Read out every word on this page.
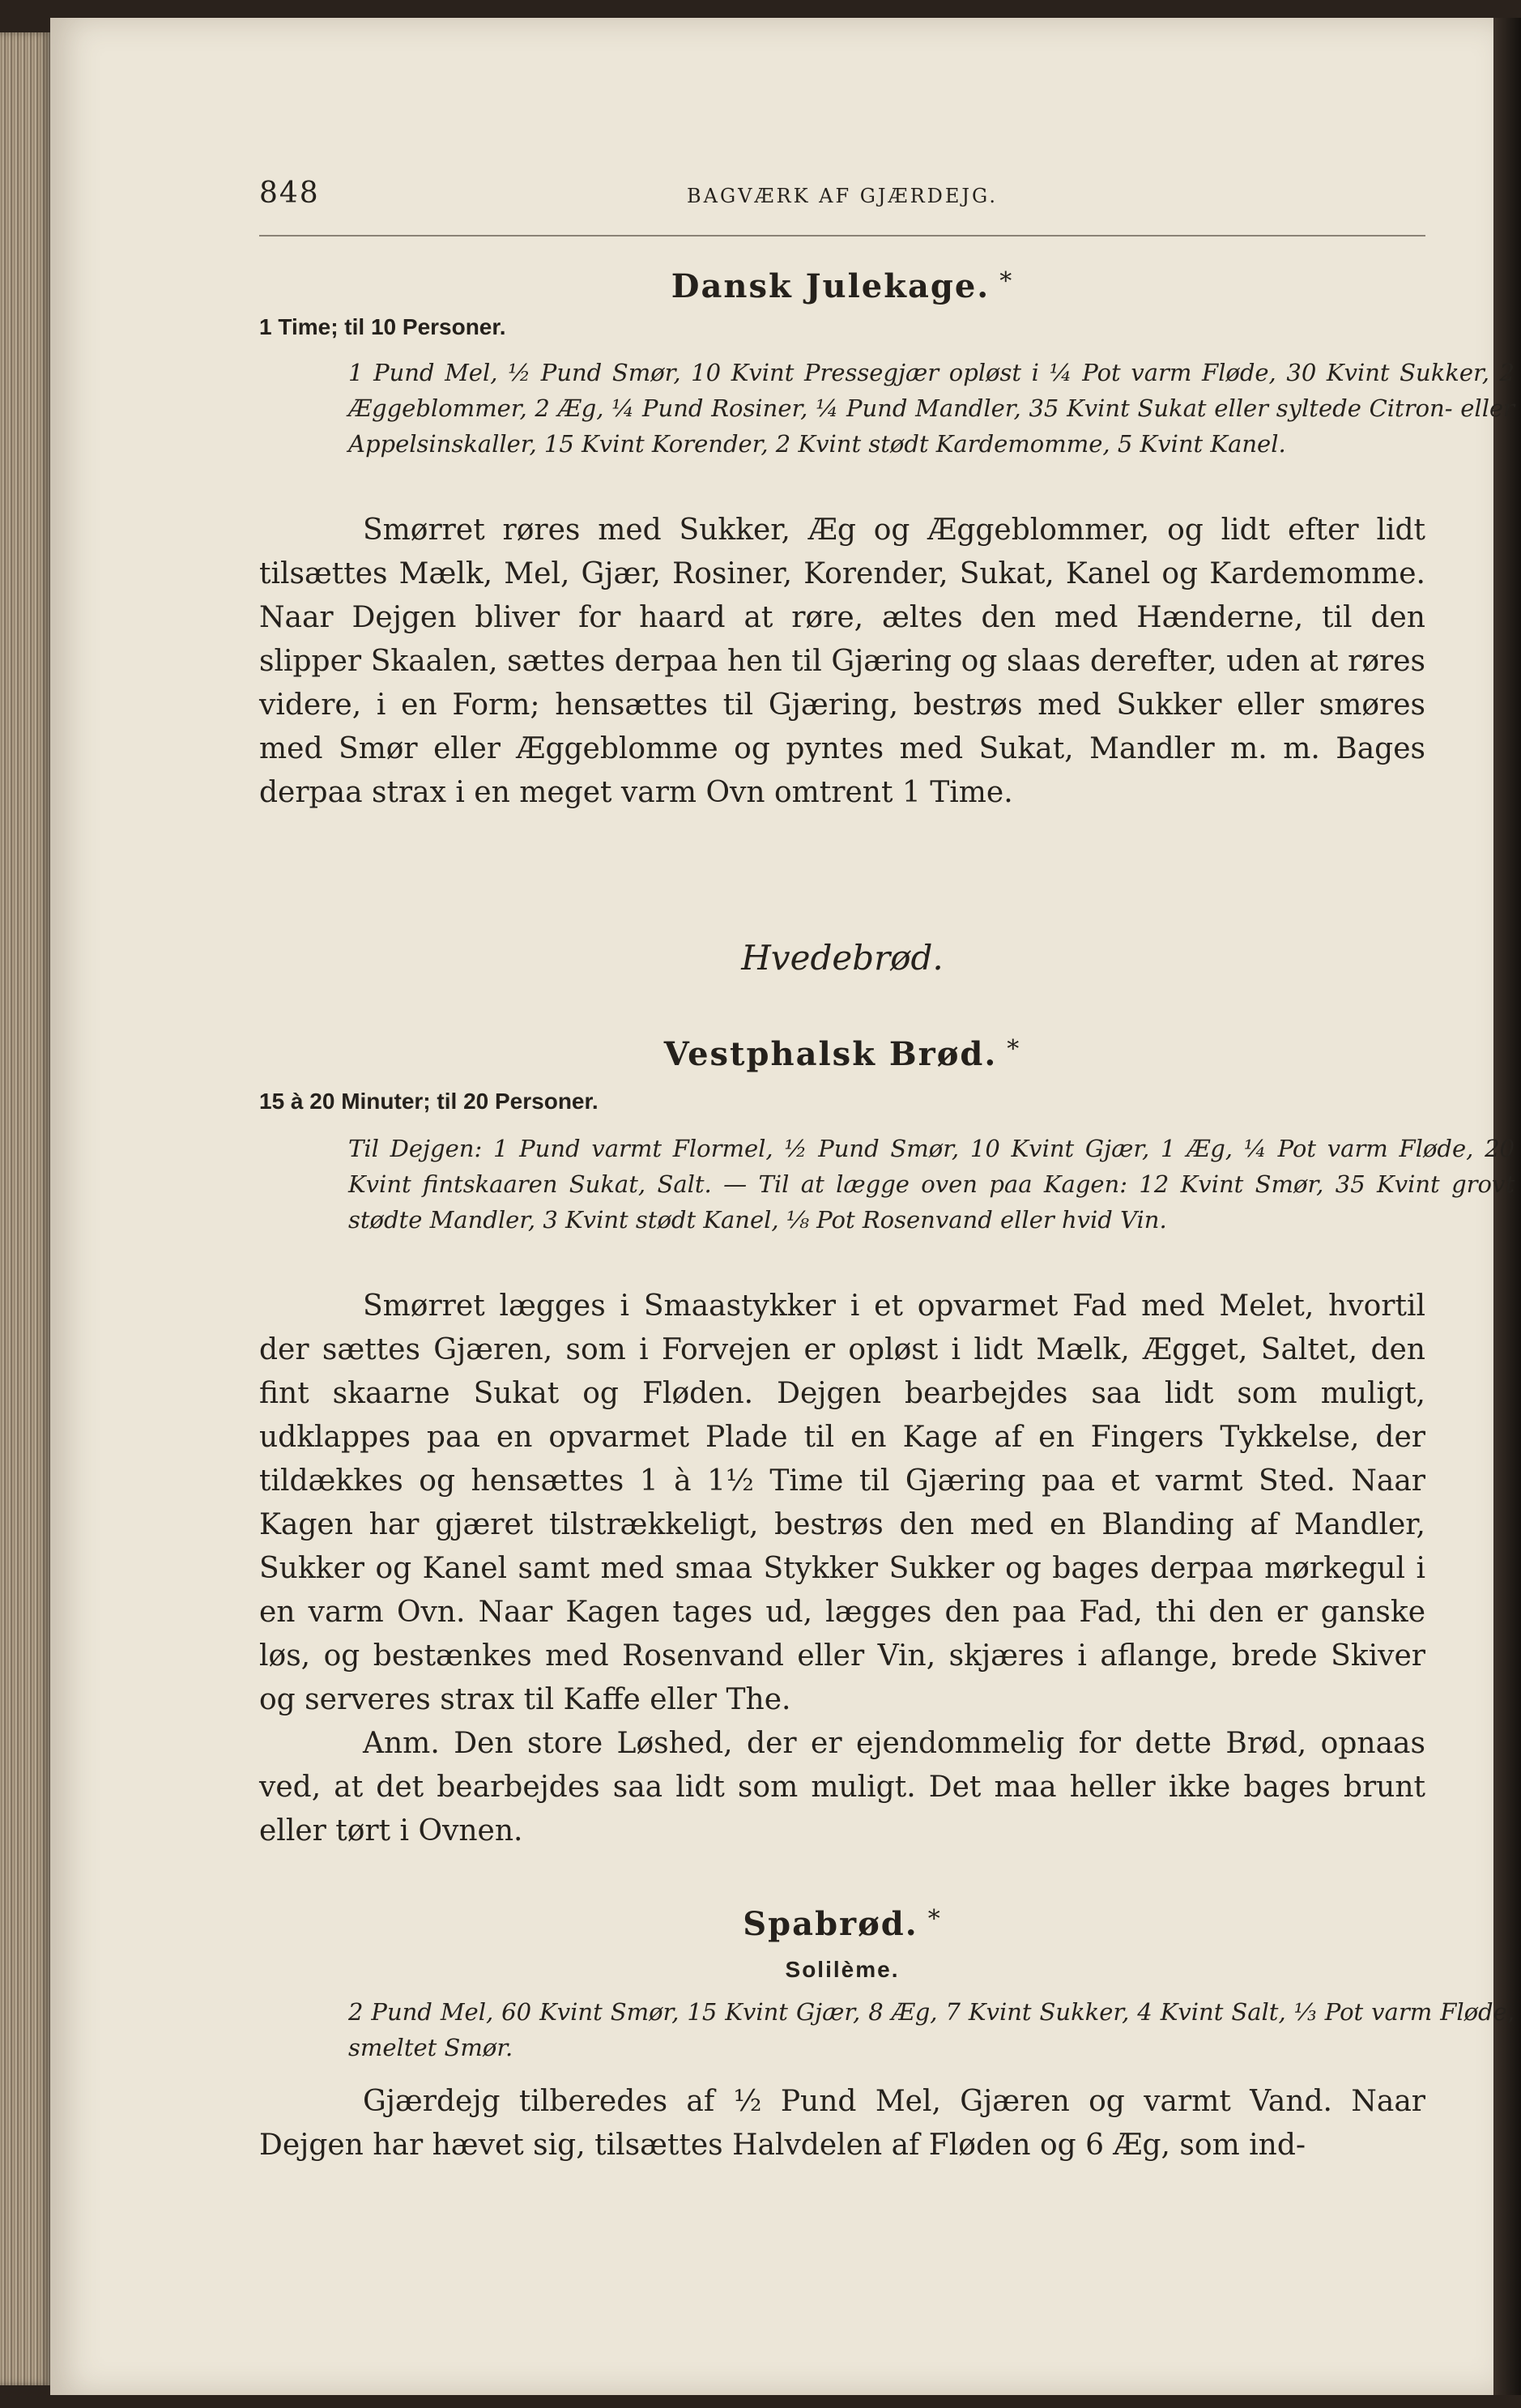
848	BAGVÆRK AF GJÆRDEJG.
Dansk Julekage. *
1 Time; til 10 Personer.
1 Pund Mel, ½ Pund Smør, 10 Kvint Pressegjær opløst i ¼ Pot varm Fløde, 30 Kvint Sukker, 2 Æggeblommer, 2 Æg, ¼ Pund Rosiner, ¼ Pund Mandler, 35 Kvint Sukat eller syltede Citron- eller Appelsinskaller, 15 Kvint Korender, 2 Kvint stødt Kardemomme, 5 Kvint Kanel.
Smørret røres med Sukker, Æg og Æggeblommer, og lidt efter lidt tilsættes Mælk, Mel, Gjær, Rosiner, Korender, Sukat, Kanel og Kardemomme. Naar Dejgen bliver for haard at røre, æltes den med Hænderne, til den slipper Skaalen, sættes derpaa hen til Gjæring og slaas derefter, uden at røres videre, i en Form; hensættes til Gjæring, bestrøs med Sukker eller smøres med Smør eller Æggeblomme og pyntes med Sukat, Mandler m. m. Bages derpaa strax i en meget varm Ovn omtrent 1 Time.
Hvedebrød.
Vestphalsk Brød. *
15 à 20 Minuter; til 20 Personer.
Til Dejgen: 1 Pund varmt Flormel, ½ Pund Smør, 10 Kvint Gjær, 1 Æg, ¼ Pot varm Fløde, 20 Kvint fintskaaren Sukat, Salt. — Til at lægge oven paa Kagen: 12 Kvint Smør, 35 Kvint grovt stødte Mandler, 3 Kvint stødt Kanel, ⅛ Pot Rosenvand eller hvid Vin.
Smørret lægges i Smaastykker i et opvarmet Fad med Melet, hvortil der sættes Gjæren, som i Forvejen er opløst i lidt Mælk, Ægget, Saltet, den fint skaarne Sukat og Fløden. Dejgen bearbejdes saa lidt som muligt, udklappes paa en opvarmet Plade til en Kage af en Fingers Tykkelse, der tildækkes og hensættes 1 à 1½ Time til Gjæring paa et varmt Sted. Naar Kagen har gjæret tilstrækkeligt, bestrøs den med en Blanding af Mandler, Sukker og Kanel samt med smaa Stykker Sukker og bages derpaa mørkegul i en varm Ovn. Naar Kagen tages ud, lægges den paa Fad, thi den er ganske løs, og bestænkes med Rosenvand eller Vin, skjæres i aflange, brede Skiver og serveres strax til Kaffe eller The.
Anm. Den store Løshed, der er ejendommelig for dette Brød, opnaas ved, at det bearbejdes saa lidt som muligt. Det maa heller ikke bages brunt eller tørt i Ovnen.
Spabrød. *
Solilème.
2 Pund Mel, 60 Kvint Smør, 15 Kvint Gjær, 8 Æg, 7 Kvint Sukker, 4 Kvint Salt, ⅓ Pot varm Fløde, smeltet Smør.
Gjærdejg tilberedes af ½ Pund Mel, Gjæren og varmt Vand. Naar Dejgen har hævet sig, tilsættes Halvdelen af Fløden og 6 Æg, som ind-
